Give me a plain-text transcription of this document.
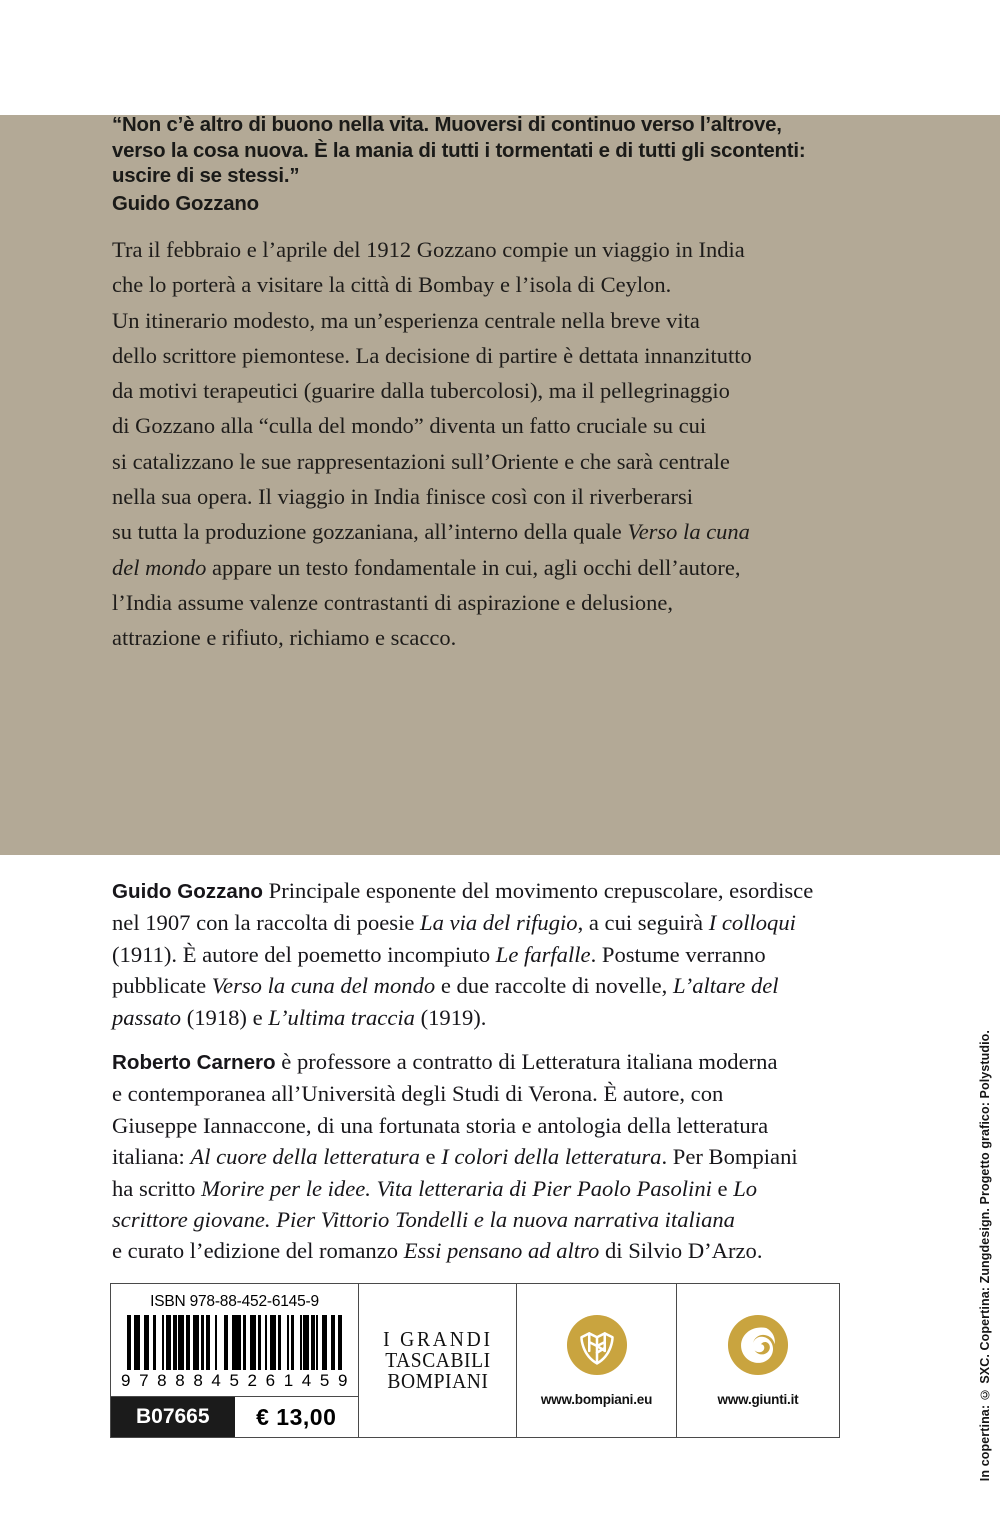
“Non c’è altro di buono nella vita. Muoversi di continuo verso l’altrove,
verso la cosa nuova. È la mania di tutti i tormentati e di tutti gli scontenti:
uscire di se stessi.”
Guido Gozzano
Tra il febbraio e l’aprile del 1912 Gozzano compie un viaggio in India
che lo porterà a visitare la città di Bombay e l’isola di Ceylon.
Un itinerario modesto, ma un’esperienza centrale nella breve vita
dello scrittore piemontese. La decisione di partire è dettata innanzitutto
da motivi terapeutici (guarire dalla tubercolosi), ma il pellegrinaggio
di Gozzano alla “culla del mondo” diventa un fatto cruciale su cui
si catalizzano le sue rappresentazioni sull’Oriente e che sarà centrale
nella sua opera. Il viaggio in India finisce così con il riverberarsi
su tutta la produzione gozzaniana, all’interno della quale Verso la cuna
del mondo appare un testo fondamentale in cui, agli occhi dell’autore,
l’India assume valenze contrastanti di aspirazione e delusione,
attrazione e rifiuto, richiamo e scacco.
Guido Gozzano Principale esponente del movimento crepuscolare, esordisce
nel 1907 con la raccolta di poesie La via del rifugio, a cui seguirà I colloqui
(1911). È autore del poemetto incompiuto Le farfalle. Postume verranno
pubblicate Verso la cuna del mondo e due raccolte di novelle, L’altare del
passato (1918) e L’ultima traccia (1919).
Roberto Carnero è professore a contratto di Letteratura italiana moderna
e contemporanea all’Università degli Studi di Verona. È autore, con
Giuseppe Iannaccone, di una fortunata storia e antologia della letteratura
italiana: Al cuore della letteratura e I colori della letteratura. Per Bompiani
ha scritto Morire per le idee. Vita letteraria di Pier Paolo Pasolini e Lo
scrittore giovane. Pier Vittorio Tondelli e la nuova narrativa italiana
e curato l’edizione del romanzo Essi pensano ad altro di Silvio D’Arzo.
ISBN 978-88-452-6145-9
9 7 8 8 8 4 5 2 6 1 4 5 9
B07665	€ 13,00
I GRANDI
TASCABILI
BOMPIANI
www.bompiani.eu	www.giunti.it	In copertina: © SXC. Copertina: Zungdesign. Progetto grafico: Polystudio.
